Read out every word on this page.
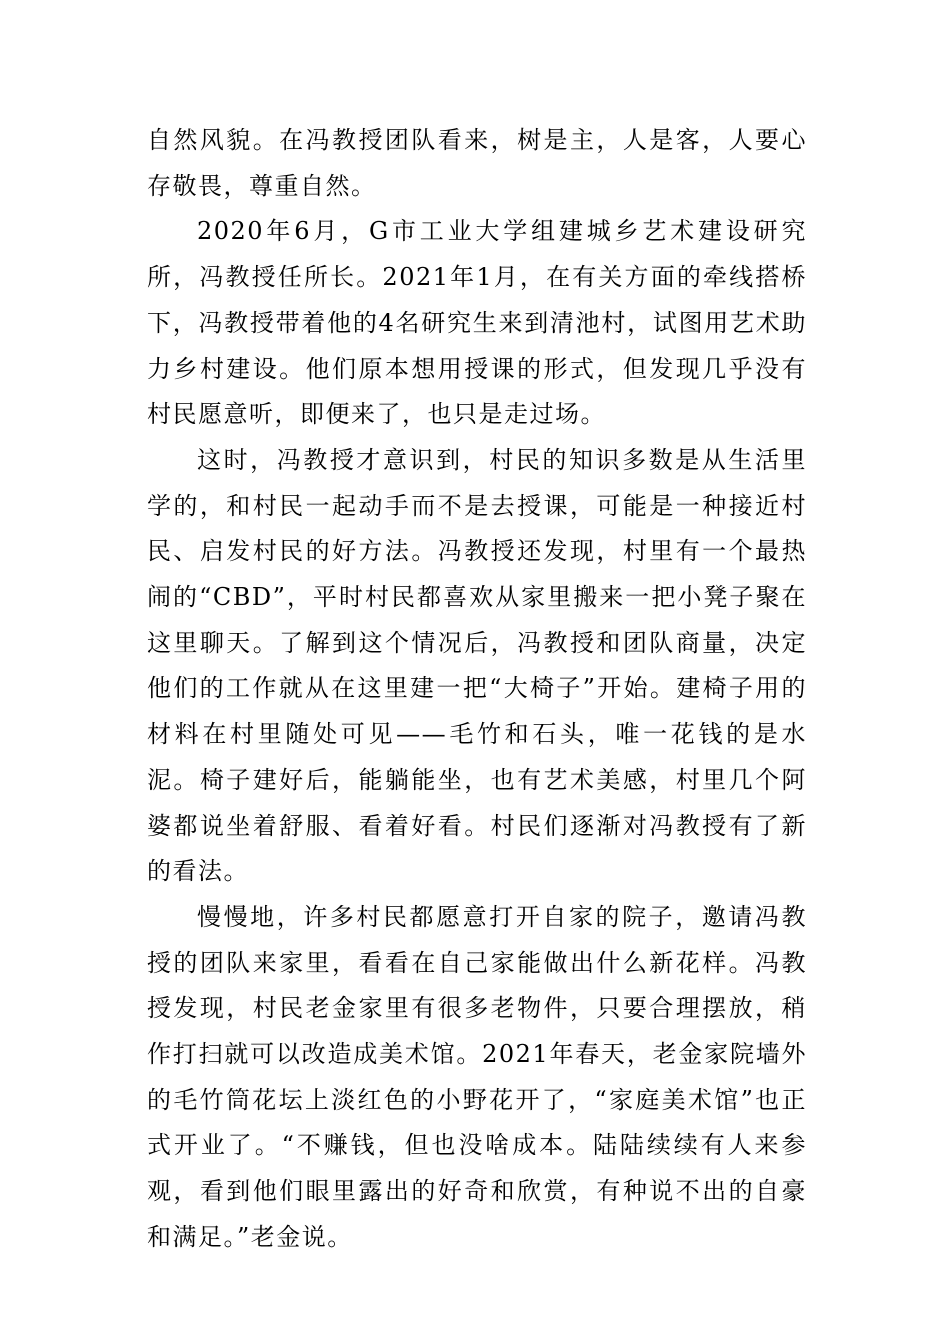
自然风貌。在冯教授团队看来，树是主，人是客，人要心存敬畏，尊重自然。

2020年6月，G市工业大学组建城乡艺术建设研究所，冯教授任所长。2021年1月，在有关方面的牵线搭桥下，冯教授带着他的4名研究生来到清池村，试图用艺术助力乡村建设。他们原本想用授课的形式，但发现几乎没有村民愿意听，即便来了，也只是走过场。

这时，冯教授才意识到，村民的知识多数是从生活里学的，和村民一起动手而不是去授课，可能是一种接近村民、启发村民的好方法。冯教授还发现，村里有一个最热闹的“CBD”，平时村民都喜欢从家里搬来一把小凳子聚在这里聊天。了解到这个情况后，冯教授和团队商量，决定他们的工作就从在这里建一把“大椅子”开始。建椅子用的材料在村里随处可见——毛竹和石头，唯一花钱的是水泥。椅子建好后，能躺能坐，也有艺术美感，村里几个阿婆都说坐着舒服、看着好看。村民们逐渐对冯教授有了新的看法。

慢慢地，许多村民都愿意打开自家的院子，邀请冯教授的团队来家里，看看在自己家能做出什么新花样。冯教授发现，村民老金家里有很多老物件，只要合理摆放，稍作打扫就可以改造成美术馆。2021年春天，老金家院墙外的毛竹筒花坛上淡红色的小野花开了，“家庭美术馆”也正式开业了。“不赚钱，但也没啥成本。陆陆续续有人来参观，看到他们眼里露出的好奇和欣赏，有种说不出的自豪和满足。”老金说。
